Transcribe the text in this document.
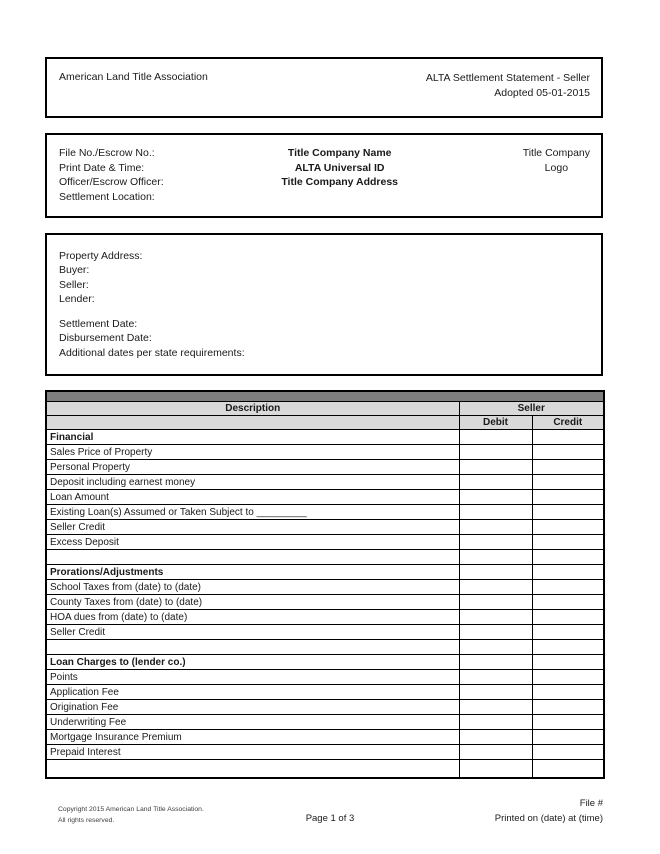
American Land Title Association	ALTA Settlement Statement - Seller
Adopted 05-01-2015
File No./Escrow No.:
Print Date & Time:
Officer/Escrow Officer:
Settlement Location:
Title Company Name
ALTA Universal ID
Title Company Address
Title Company
Logo
Property Address:
Buyer:
Seller:
Lender:
Settlement Date:
Disbursement Date:
Additional dates per state requirements:

Description	Seller	
	Debit	Credit
Financial		
Sales Price of Property		
Personal Property		
Deposit including earnest money		
Loan Amount		
Existing Loan(s) Assumed or Taken Subject to _________		
Seller Credit		
Excess Deposit		

Prorations/Adjustments		
School Taxes from (date) to (date)		
County Taxes from (date) to (date)		
HOA dues from (date) to (date)		
Seller Credit		

Loan Charges to (lender co.)		
Points		
Application Fee		
Origination Fee		
Underwriting Fee		
Mortgage Insurance Premium		
Prepaid Interest		

Copyright 2015 American Land Title Association.
All rights reserved.	Page 1 of 3
File #
Printed on (date) at (time)
